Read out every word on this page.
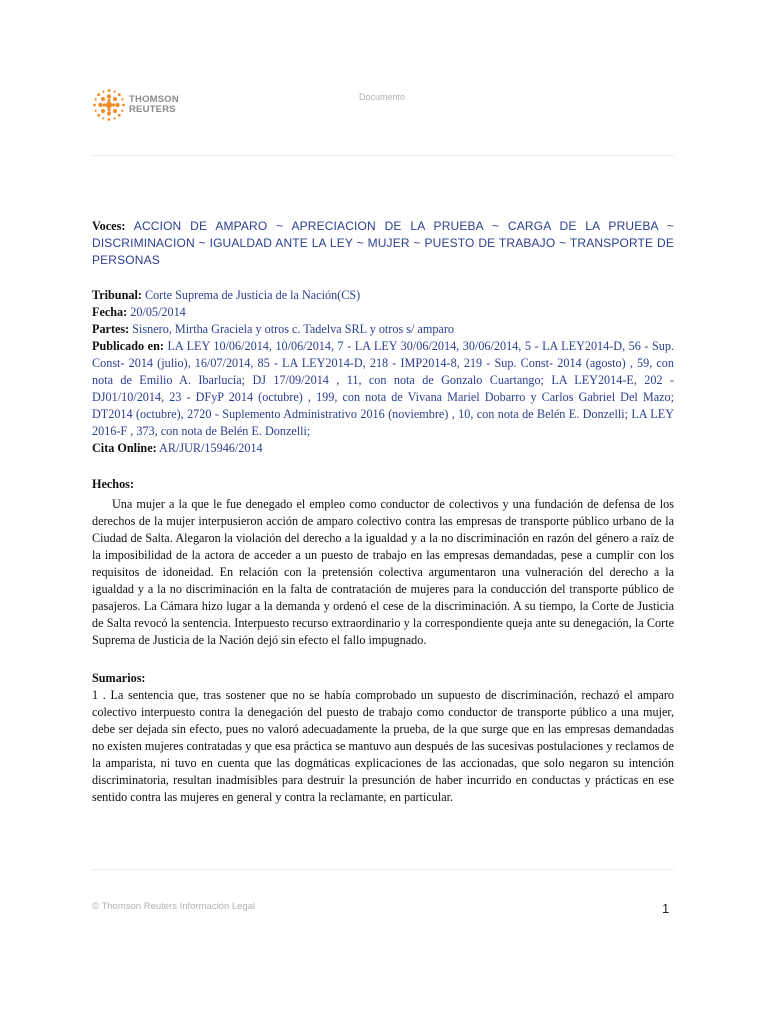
THOMSON
REUTERS
Documento

Voces: ACCION DE AMPARO ~ APRECIACION DE LA PRUEBA ~ CARGA DE LA PRUEBA ~ DISCRIMINACION ~ IGUALDAD ANTE LA LEY ~ MUJER ~ PUESTO DE TRABAJO ~ TRANSPORTE DE PERSONAS

Tribunal: Corte Suprema de Justicia de la Nación(CS)

Fecha: 20/05/2014

Partes: Sisnero, Mirtha Graciela y otros c. Tadelva SRL y otros s/ amparo

Publicado en: LA LEY 10/06/2014, 10/06/2014, 7 - LA LEY 30/06/2014, 30/06/2014, 5 - LA LEY2014-D, 56 - Sup. Const- 2014 (julio), 16/07/2014, 85 - LA LEY2014-D, 218 - IMP2014-8, 219 - Sup. Const- 2014 (agosto) , 59, con nota de Emilio A. Ibarlucía; DJ 17/09/2014 , 11, con nota de Gonzalo Cuartango; LA LEY2014-E, 202 - DJ01/10/2014, 23 - DFyP 2014 (octubre) , 199, con nota de Vivana Mariel Dobarro y Carlos Gabriel Del Mazo; DT2014 (octubre), 2720 - Suplemento Administrativo 2016 (noviembre) , 10, con nota de Belén E. Donzelli; LA LEY 2016-F , 373, con nota de Belén E. Donzelli;

Cita Online: AR/JUR/15946/2014

Hechos:

Una mujer a la que le fue denegado el empleo como conductor de colectivos y una fundación de defensa de los derechos de la mujer interpusieron acción de amparo colectivo contra las empresas de transporte público urbano de la Ciudad de Salta. Alegaron la violación del derecho a la igualdad y a la no discriminación en razón del género a raíz de la imposibilidad de la actora de acceder a un puesto de trabajo en las empresas demandadas, pese a cumplir con los requisitos de idoneidad. En relación con la pretensión colectiva argumentaron una vulneración del derecho a la igualdad y a la no discriminación en la falta de contratación de mujeres para la conducción del transporte público de pasajeros. La Cámara hizo lugar a la demanda y ordenó el cese de la discriminación. A su tiempo, la Corte de Justicia de Salta revocó la sentencia. Interpuesto recurso extraordinario y la correspondiente queja ante su denegación, la Corte Suprema de Justicia de la Nación dejó sin efecto el fallo impugnado.

Sumarios:

1 . La sentencia que, tras sostener que no se había comprobado un supuesto de discriminación, rechazó el amparo colectivo interpuesto contra la denegación del puesto de trabajo como conductor de transporte público a una mujer, debe ser dejada sin efecto, pues no valoró adecuadamente la prueba, de la que surge que en las empresas demandadas no existen mujeres contratadas y que esa práctica se mantuvo aun después de las sucesivas postulaciones y reclamos de la amparista, ni tuvo en cuenta que las dogmáticas explicaciones de las accionadas, que solo negaron su intención discriminatoria, resultan inadmisibles para destruir la presunción de haber incurrido en conductas y prácticas en ese sentido contra las mujeres en general y contra la reclamante, en particular.

© Thomson Reuters Información Legal	1
